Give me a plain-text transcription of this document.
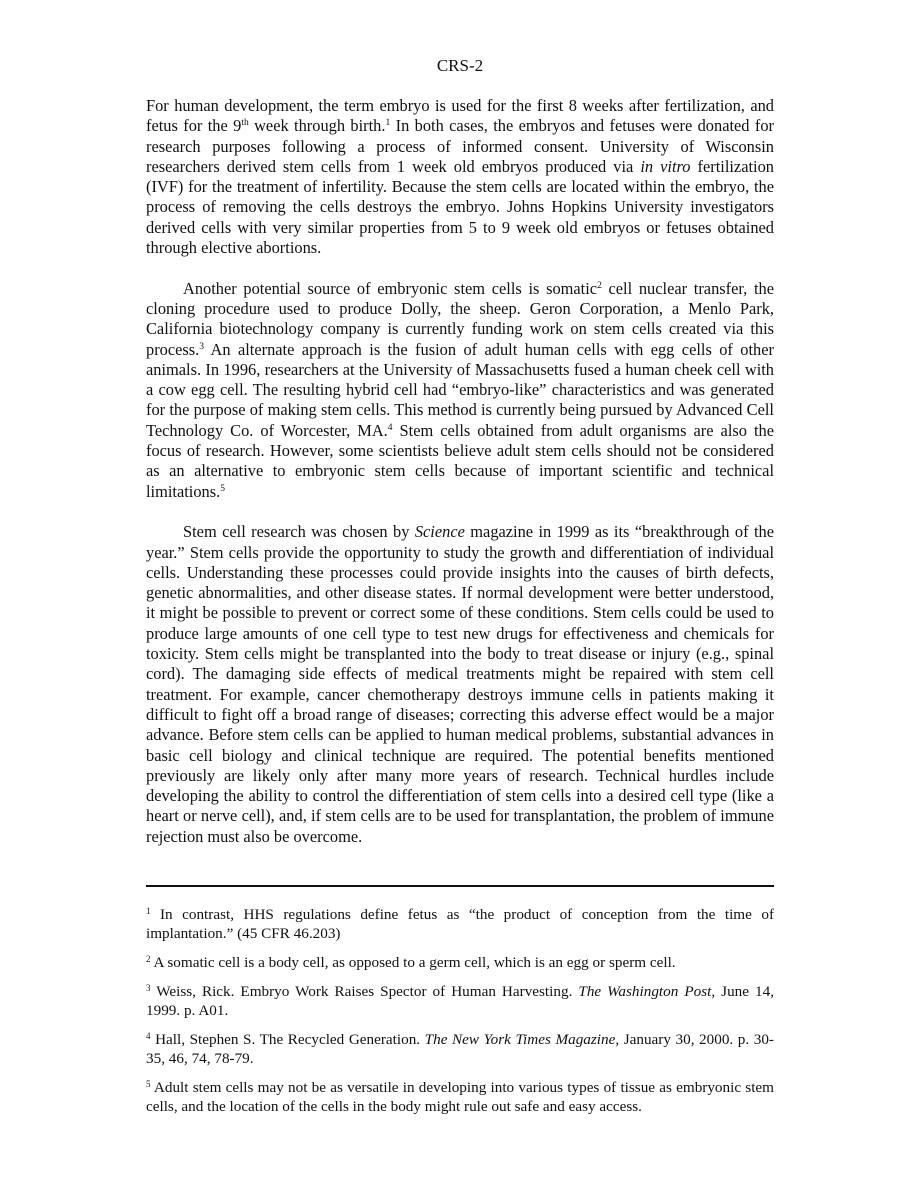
CRS-2

For human development, the term embryo is used for the first 8 weeks after fertilization, and fetus for the 9th week through birth.$^1$ In both cases, the embryos and fetuses were donated for research purposes following a process of informed consent. University of Wisconsin researchers derived stem cells from 1 week old embryos produced via in vitro fertilization (IVF) for the treatment of infertility. Because the stem cells are located within the embryo, the process of removing the cells destroys the embryo. Johns Hopkins University investigators derived cells with very similar properties from 5 to 9 week old embryos or fetuses obtained through elective abortions.

Another potential source of embryonic stem cells is somatic$^2$ cell nuclear transfer, the cloning procedure used to produce Dolly, the sheep. Geron Corporation, a Menlo Park, California biotechnology company is currently funding work on stem cells created via this process.$^3$ An alternate approach is the fusion of adult human cells with egg cells of other animals. In 1996, researchers at the University of Massachusetts fused a human cheek cell with a cow egg cell. The resulting hybrid cell had “embryo-like” characteristics and was generated for the purpose of making stem cells. This method is currently being pursued by Advanced Cell Technology Co. of Worcester, MA.$^4$ Stem cells obtained from adult organisms are also the focus of research. However, some scientists believe adult stem cells should not be considered as an alternative to embryonic stem cells because of important scientific and technical limitations.$^5$

Stem cell research was chosen by Science magazine in 1999 as its “breakthrough of the year.” Stem cells provide the opportunity to study the growth and differentiation of individual cells. Understanding these processes could provide insights into the causes of birth defects, genetic abnormalities, and other disease states. If normal development were better understood, it might be possible to prevent or correct some of these conditions. Stem cells could be used to produce large amounts of one cell type to test new drugs for effectiveness and chemicals for toxicity. Stem cells might be transplanted into the body to treat disease or injury (e.g., spinal cord). The damaging side effects of medical treatments might be repaired with stem cell treatment. For example, cancer chemotherapy destroys immune cells in patients making it difficult to fight off a broad range of diseases; correcting this adverse effect would be a major advance. Before stem cells can be applied to human medical problems, substantial advances in basic cell biology and clinical technique are required. The potential benefits mentioned previously are likely only after many more years of research. Technical hurdles include developing the ability to control the differentiation of stem cells into a desired cell type (like a heart or nerve cell), and, if stem cells are to be used for transplantation, the problem of immune rejection must also be overcome.

$^1$ In contrast, HHS regulations define fetus as “the product of conception from the time of implantation.” (45 CFR 46.203)

$^2$ A somatic cell is a body cell, as opposed to a germ cell, which is an egg or sperm cell.

$^3$ Weiss, Rick. Embryo Work Raises Spector of Human Harvesting. The Washington Post, June 14, 1999. p. A01.

$^4$ Hall, Stephen S. The Recycled Generation. The New York Times Magazine, January 30, 2000. p. 30-35, 46, 74, 78-79.

$^5$ Adult stem cells may not be as versatile in developing into various types of tissue as embryonic stem cells, and the location of the cells in the body might rule out safe and easy access.
